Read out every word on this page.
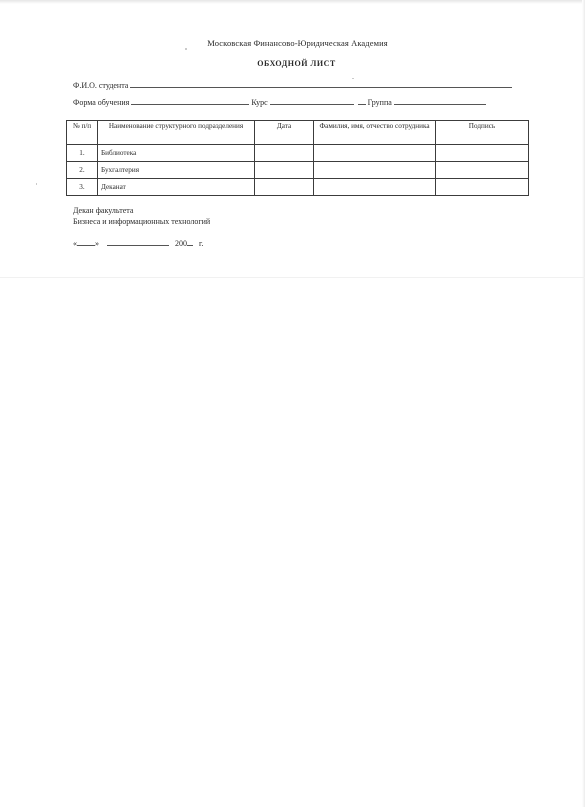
Московская Финансово-Юридическая Академия
ОБХОДНОЙ ЛИСТ
Ф.И.О. студента
Форма обучения	Курс	Группа
№ п/п	Наименование структурного подразделения	Дата	Фамилия, имя, отчество сотрудника	Подпись
1.	Библиотека			
2.	Бухгалтерия			
3.	Деканат			
Декан факультета
Бизнеса и информационных технологий
« »	200 г.
